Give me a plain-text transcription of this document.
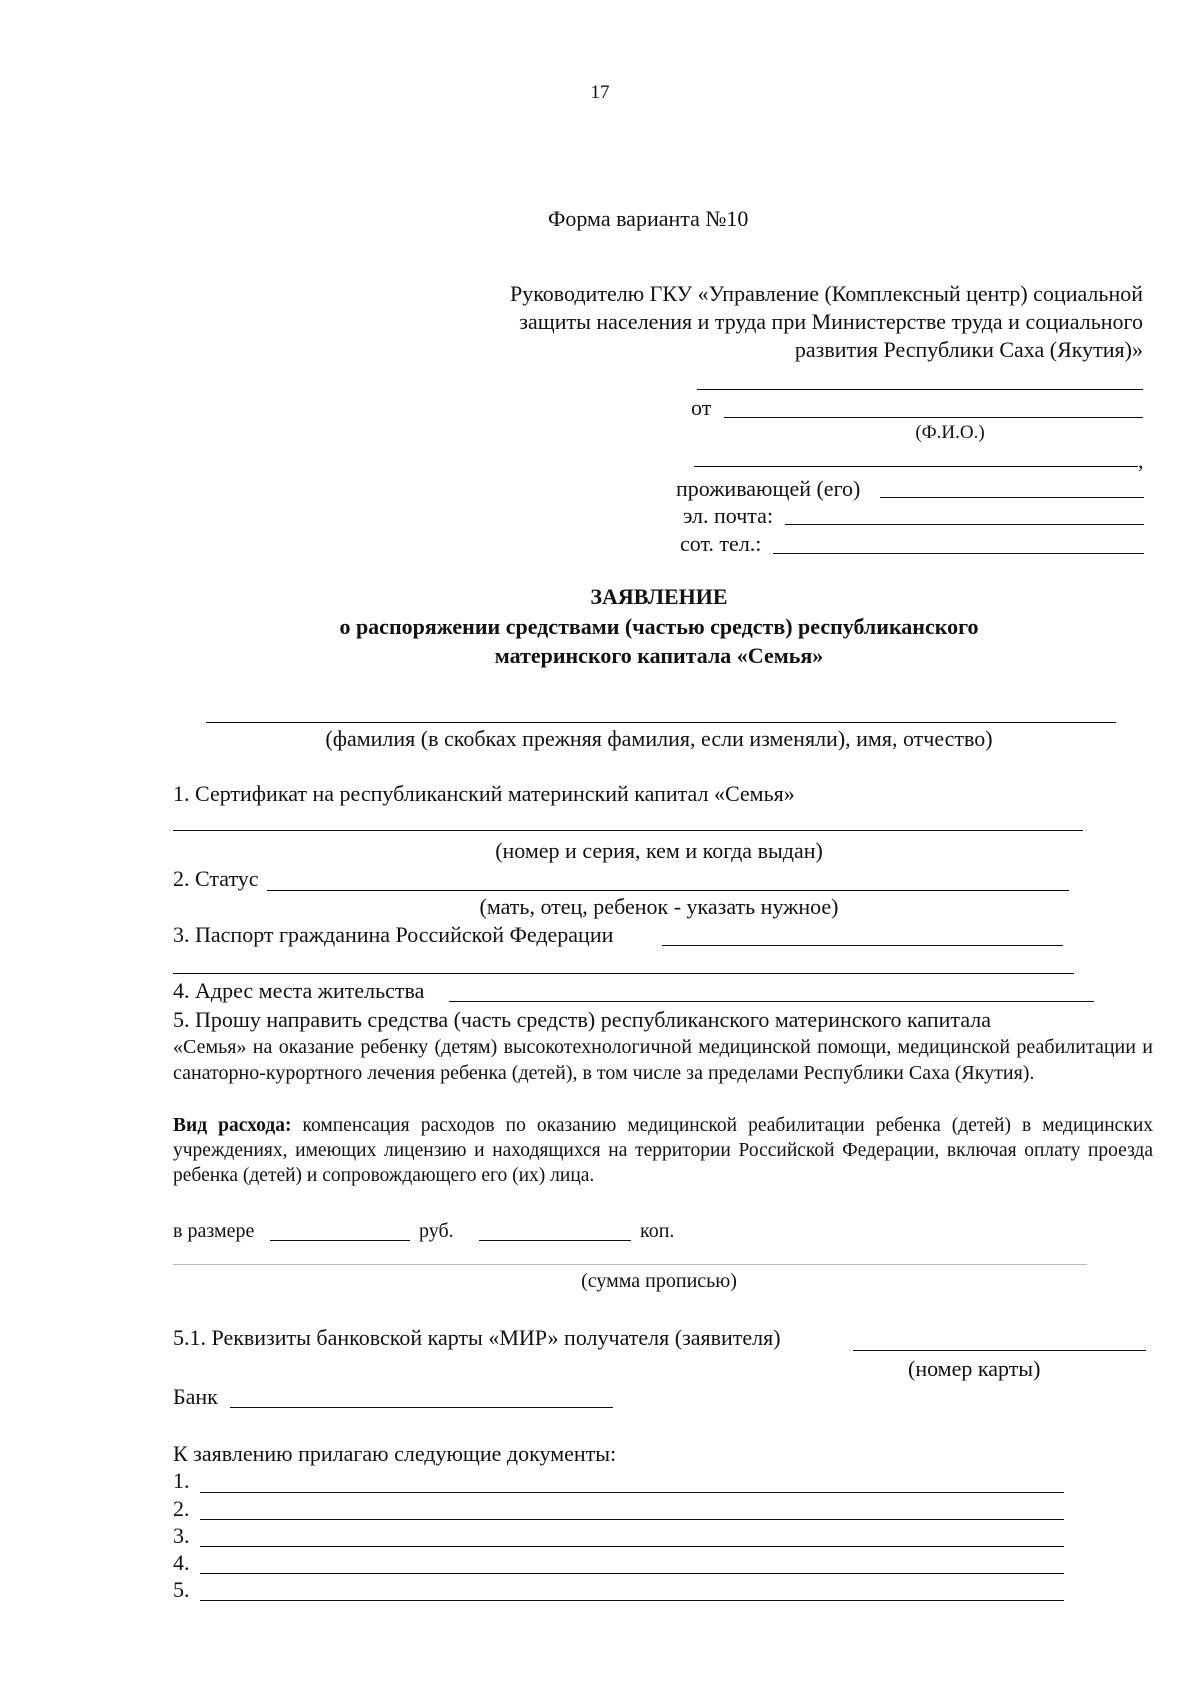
17
Форма варианта №10
Руководителю ГКУ «Управление (Комплексный центр) социальной
защиты населения и труда при Министерстве труда и социального
развития Республики Саха (Якутия)»
от
(Ф.И.О.)
,
проживающей (его)
эл. почта:
сот. тел.:
ЗАЯВЛЕНИЕ
о распоряжении средствами (частью средств) республиканского
материнского капитала «Семья»
(фамилия (в скобках прежняя фамилия, если изменяли), имя, отчество)
1. Сертификат на республиканский материнский капитал «Семья»
(номер и серия, кем и когда выдан)
2. Статус
(мать, отец, ребенок - указать нужное)
3. Паспорт гражданина Российской Федерации
4. Адрес места жительства
5. Прошу направить средства (часть средств) республиканского материнского капитала
«Семья» на оказание ребенку (детям) высокотехнологичной медицинской помощи, медицинской реабилитации и санаторно-курортного лечения ребенка (детей), в том числе за пределами Республики Саха (Якутия).
Вид расхода: компенсация расходов по оказанию медицинской реабилитации ребенка (детей) в медицинских учреждениях, имеющих лицензию и находящихся на территории Российской Федерации, включая оплату проезда ребенка (детей) и сопровождающего его (их) лица.
в размере	руб.	коп.
(сумма прописью)
5.1. Реквизиты банковской карты «МИР» получателя (заявителя)
(номер карты)
Банк
К заявлению прилагаю следующие документы:
1.
2.
3.
4.
5.
